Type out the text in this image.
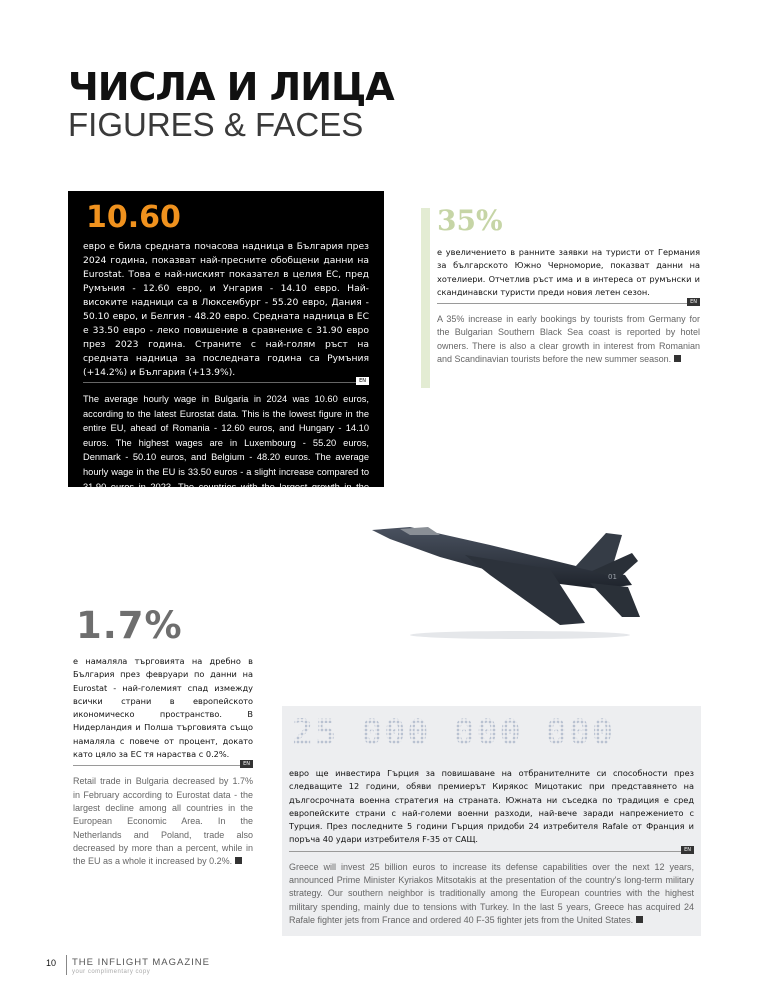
ЧИСЛА И ЛИЦА
FIGURES & FACES
10.60

евро е била средната почасова надница в България през 2024 година, показват най-пресните обобщени данни на Eurostat. Това е най-ниският показател в целия ЕС, пред Румъния - 12.60 евро, и Унгария - 14.10 евро. Най-високите надници са в Люксембург - 55.20 евро, Дания - 50.10 евро, и Белгия - 48.20 евро. Средната надница в ЕС е 33.50 евро - леко повишение в сравнение с 31.90 евро през 2023 година. Страните с най-голям ръст на средната надница за последната година са Румъния (+14.2%) и България (+13.9%).

EN

The average hourly wage in Bulgaria in 2024 was 10.60 euros, according to the latest Eurostat data. This is the lowest figure in the entire EU, ahead of Romania - 12.60 euros, and Hungary - 14.10 euros. The highest wages are in Luxembourg - 55.20 euros, Denmark - 50.10 euros, and Belgium - 48.20 euros. The average hourly wage in the EU is 33.50 euros - a slight increase compared to 31.90 euros in 2023. The countries with the largest growth in the average wage over the past year are Romania (+14.2%) and Bulgaria (+13.9%).

35%

е увеличението в ранните заявки на туристи от Германия за българското Южно Черноморие, показват данни на хотелиери. Отчетлив ръст има и в интереса от румънски и скандинавски туристи преди новия летен сезон.

EN

A 35% increase in early bookings by tourists from Germany for the Bulgarian Southern Black Sea coast is reported by hotel owners. There is also a clear growth in interest from Romanian and Scandinavian tourists before the new summer season.

01
1.7%

е намаляла търговията на дребно в България през февруари по данни на Eurostat - най-големият спад измежду всички страни в европейското икономическо пространство. В Нидерландия и Полша търговията също намаляла с повече от процент, докато като цяло за ЕС тя нараства с 0.2%.

EN

Retail trade in Bulgaria decreased by 1.7% in February according to Eurostat data - the largest decline among all countries in the European Economic Area. In the Netherlands and Poland, trade also decreased by more than a percent, while in the EU as a whole it increased by 0.2%.

25 000 000 000

евро ще инвестира Гърция за повишаване на отбранителните си способности през следващите 12 години, обяви премиерът Кирякос Мицотакис при представянето на дългосрочната военна стратегия на страната. Южната ни съседка по традиция е сред европейските страни с най-големи военни разходи, най-вече заради напрежението с Турция. През последните 5 години Гърция придоби 24 изтребителя Rafale от Франция и поръча 40 удари изтребителя F-35 от САЩ.

EN

Greece will invest 25 billion euros to increase its defense capabilities over the next 12 years, announced Prime Minister Kyriakos Mitsotakis at the presentation of the country's long-term military strategy. Our southern neighbor is traditionally among the European countries with the highest military spending, mainly due to tensions with Turkey. In the last 5 years, Greece has acquired 24 Rafale fighter jets from France and ordered 40 F-35 fighter jets from the United States.

10 THE INFLIGHT MAGAZINE
your complimentary copy
